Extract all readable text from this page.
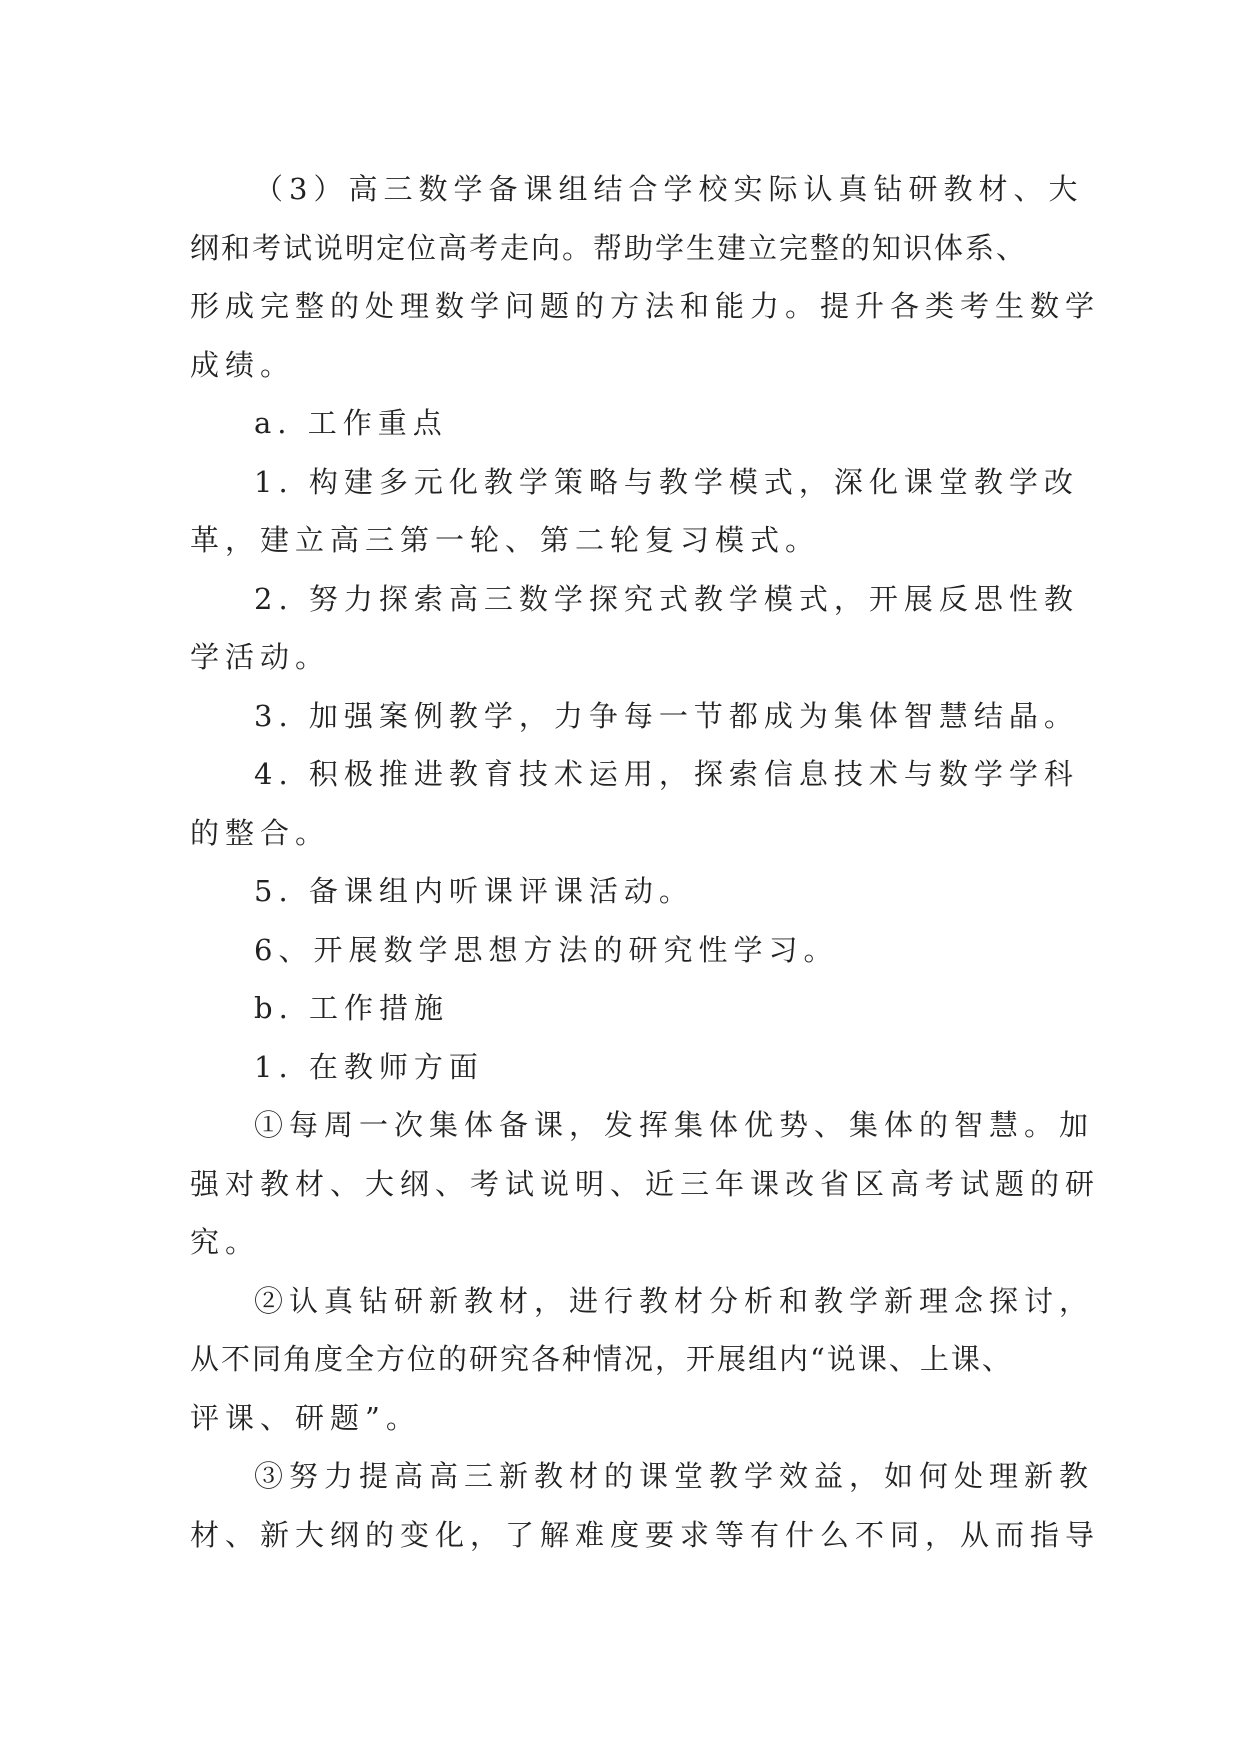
（3）高三数学备课组结合学校实际认真钻研教材、大
纲和考试说明定位高考走向。帮助学生建立完整的知识体系、
形成完整的处理数学问题的方法和能力。提升各类考生数学
成绩。
a. 工作重点
1. 构建多元化教学策略与教学模式，深化课堂教学改
革，建立高三第一轮、第二轮复习模式。
2. 努力探索高三数学探究式教学模式，开展反思性教
学活动。
3. 加强案例教学，力争每一节都成为集体智慧结晶。
4. 积极推进教育技术运用，探索信息技术与数学学科
的整合。
5. 备课组内听课评课活动。
6、开展数学思想方法的研究性学习。
b. 工作措施
1. 在教师方面
①每周一次集体备课，发挥集体优势、集体的智慧。加
强对教材、大纲、考试说明、近三年课改省区高考试题的研
究。
②认真钻研新教材，进行教材分析和教学新理念探讨，
从不同角度全方位的研究各种情况，开展组内“说课、上课、
评课、研题”。
③努力提高高三新教材的课堂教学效益，如何处理新教
材、新大纲的变化，了解难度要求等有什么不同，从而指导
